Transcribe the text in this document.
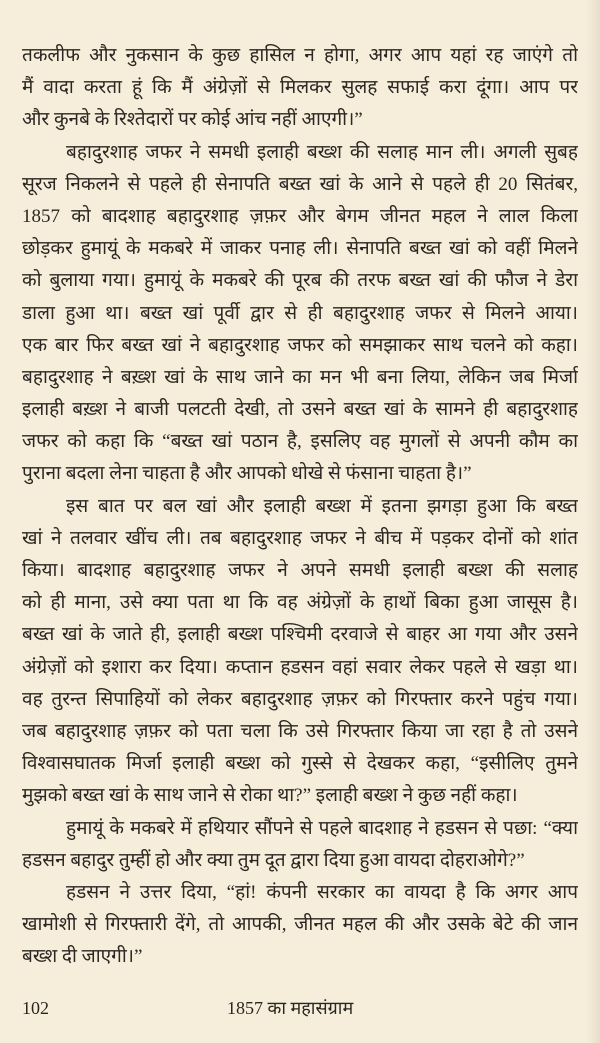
तकलीफ और नुकसान के कुछ हासिल न होगा, अगर आप यहां रह जाएंगे तो
मैं वादा करता हूं कि मैं अंग्रेज़ों से मिलकर सुलह सफाई करा दूंगा। आप पर
और कुनबे के रिश्तेदारों पर कोई आंच नहीं आएगी।”
बहादुरशाह जफर ने समधी इलाही बख्श की सलाह मान ली। अगली सुबह
सूरज निकलने से पहले ही सेनापति बख्त खां के आने से पहले ही 20 सितंबर,
1857 को बादशाह बहादुरशाह ज़फ़र और बेगम जीनत महल ने लाल किला
छोड़कर हुमायूं के मकबरे में जाकर पनाह ली। सेनापति बख्त खां को वहीं मिलने
को बुलाया गया। हुमायूं के मकबरे की पूरब की तरफ बख्त खां की फौज ने डेरा
डाला हुआ था। बख्त खां पूर्वी द्वार से ही बहादुरशाह जफर से मिलने आया।
एक बार फिर बख्त खां ने बहादुरशाह जफर को समझाकर साथ चलने को कहा।
बहादुरशाह ने बख़्श खां के साथ जाने का मन भी बना लिया, लेकिन जब मिर्जा
इलाही बख़्श ने बाजी पलटती देखी, तो उसने बख्त खां के सामने ही बहादुरशाह
जफर को कहा कि “बख्त खां पठान है, इसलिए वह मुगलों से अपनी कौम का
पुराना बदला लेना चाहता है और आपको धोखे से फंसाना चाहता है।”
इस बात पर बल खां और इलाही बख्श में इतना झगड़ा हुआ कि बख्त
खां ने तलवार खींच ली। तब बहादुरशाह जफर ने बीच में पड़कर दोनों को शांत
किया। बादशाह बहादुरशाह जफर ने अपने समधी इलाही बख्श की सलाह
को ही माना, उसे क्या पता था कि वह अंग्रेज़ों के हाथों बिका हुआ जासूस है।
बख्त खां के जाते ही, इलाही बख्श पश्चिमी दरवाजे से बाहर आ गया और उसने
अंग्रेज़ों को इशारा कर दिया। कप्तान हडसन वहां सवार लेकर पहले से खड़ा था।
वह तुरन्त सिपाहियों को लेकर बहादुरशाह ज़फ़र को गिरफ्तार करने पहुंच गया।
जब बहादुरशाह ज़फ़र को पता चला कि उसे गिरफ्तार किया जा रहा है तो उसने
विश्वासघातक मिर्जा इलाही बख्श को गुस्से से देखकर कहा, “इसीलिए तुमने
मुझको बख्त खां के साथ जाने से रोका था?” इलाही बख्श ने कुछ नहीं कहा।
हुमायूं के मकबरे में हथियार सौंपने से पहले बादशाह ने हडसन से पछा: “क्या
हडसन बहादुर तुम्हीं हो और क्या तुम दूत द्वारा दिया हुआ वायदा दोहराओगे?”
हडसन ने उत्तर दिया, “हां! कंपनी सरकार का वायदा है कि अगर आप
खामोशी से गिरफ्तारी देंगे, तो आपकी, जीनत महल की और उसके बेटे की जान
बख्श दी जाएगी।”
102	1857 का महासंग्राम
